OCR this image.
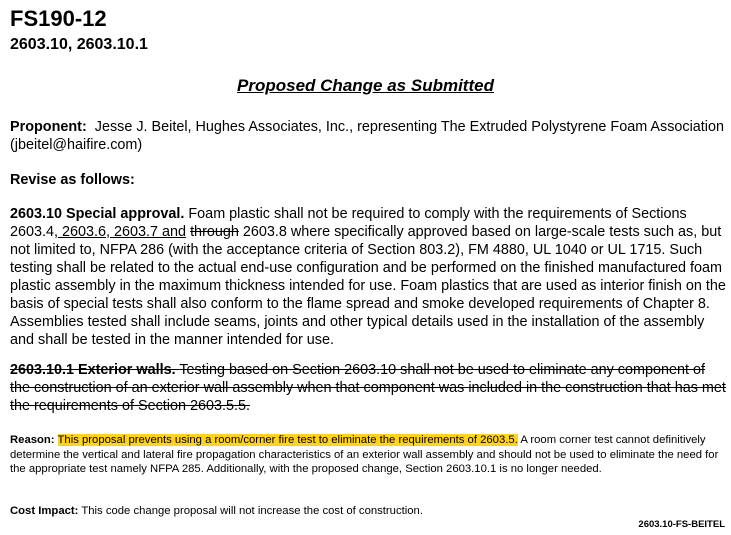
FS190-12
2603.10, 2603.10.1
Proposed Change as Submitted
Proponent: Jesse J. Beitel, Hughes Associates, Inc., representing The Extruded Polystyrene Foam Association (jbeitel@haifire.com)
Revise as follows:
2603.10 Special approval. Foam plastic shall not be required to comply with the requirements of Sections 2603.4, 2603.6, 2603.7 and through 2603.8 where specifically approved based on large-scale tests such as, but not limited to, NFPA 286 (with the acceptance criteria of Section 803.2), FM 4880, UL 1040 or UL 1715. Such testing shall be related to the actual end-use configuration and be performed on the finished manufactured foam plastic assembly in the maximum thickness intended for use. Foam plastics that are used as interior finish on the basis of special tests shall also conform to the flame spread and smoke developed requirements of Chapter 8. Assemblies tested shall include seams, joints and other typical details used in the installation of the assembly and shall be tested in the manner intended for use.
2603.10.1 Exterior walls. Testing based on Section 2603.10 shall not be used to eliminate any component of the construction of an exterior wall assembly when that component was included in the construction that has met the requirements of Section 2603.5.5.
Reason: This proposal prevents using a room/corner fire test to eliminate the requirements of 2603.5. A room corner test cannot definitively determine the vertical and lateral fire propagation characteristics of an exterior wall assembly and should not be used to eliminate the need for the appropriate test namely NFPA 285. Additionally, with the proposed change, Section 2603.10.1 is no longer needed.
Cost Impact: This code change proposal will not increase the cost of construction.
2603.10-FS-BEITEL
